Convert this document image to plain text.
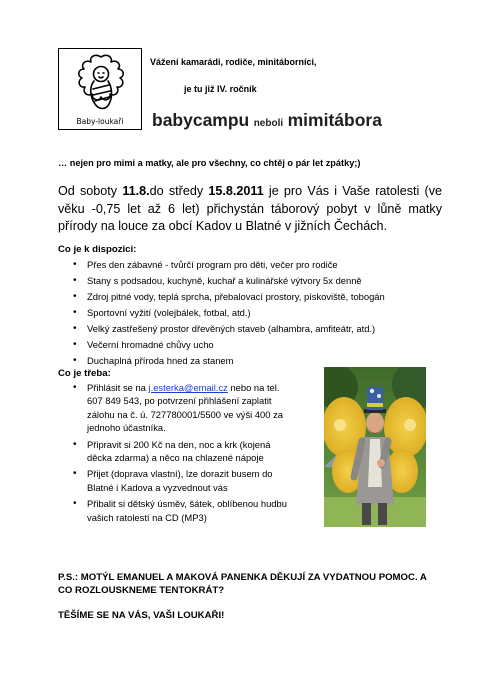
Baby-loukaři
Vážení kamarádi, rodiče, minitáborníci,
je tu již IV. ročník
babycampu neboli mimitábora
… nejen pro mimi a matky, ale pro všechny, co chtěj o pár let zpátky;)
Od soboty 11.8.do středy 15.8.2011 je pro Vás i Vaše ratolesti (ve věku -0,75 let až 6 let) přichystán táborový pobyt v lůně matky přírody na louce za obcí Kadov u Blatné v jižních Čechách.
Co je k dispozici:
• Přes den zábavné - tvůrčí program pro děti, večer pro rodiče
• Stany s podsadou, kuchyně, kuchař a kulinářské výtvory 5x denně
• Zdroj pitné vody, teplá sprcha, přebalovací prostory, pískoviště, tobogán
• Sportovní vyžití (volejbálek, fotbal, atd.)
• Velký zastřešený prostor dřevěných staveb (alhambra, amfiteátr, atd.)
• Večerní hromadné chůvy ucho
• Duchaplná příroda hned za stanem
Co je třeba:
• Přihlásit se na j.esterka@email.cz nebo na tel. 607 849 543, po potvrzení přihlášení zaplatit zálohu na č. ú. 727780001/5500 ve výši 400 za jednoho účastníka.
• Připravit si 200 Kč na den, noc a krk (kojená děcka zdarma) a něco na chlazené nápoje
• Přijet (doprava vlastní), lze dorazit busem do Blatné i Kadova a vyzvednout vás
• Přibalit si dětský úsměv, šátek, oblíbenou hudbu vašich ratolestí na CD (MP3)
P.S.: MOTÝL EMANUEL A MAKOVÁ PANENKA DĚKUJÍ ZA VYDATNOU POMOC. A CO ROZLOUSKNEME TENTOKRÁT?
TĚŠÍME SE NA VÁS, VAŠI LOUKAŘI!
